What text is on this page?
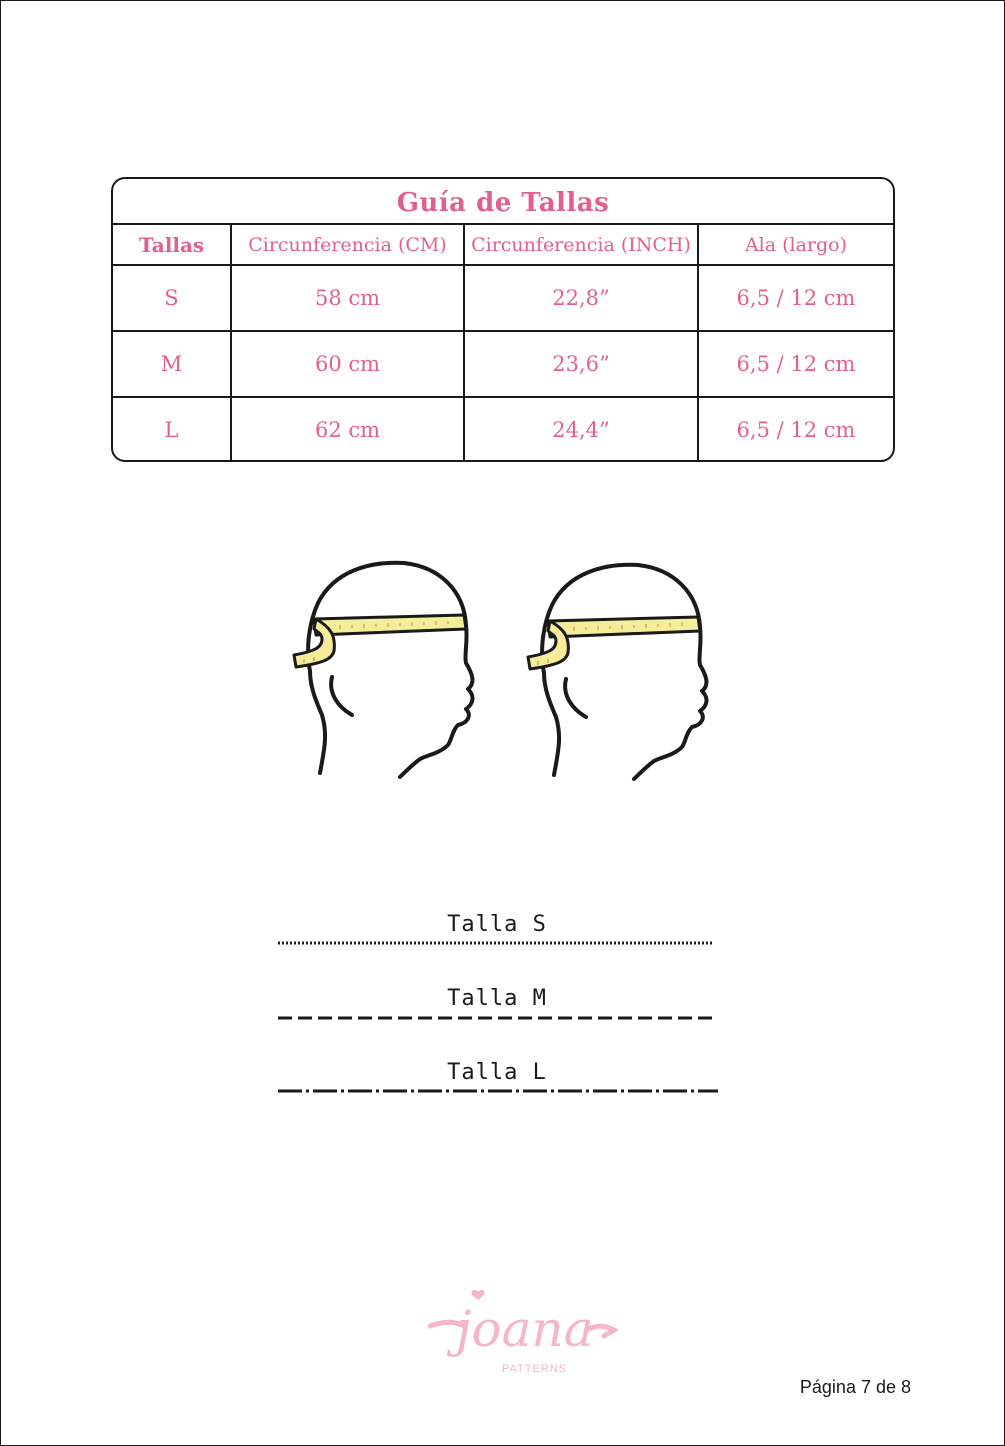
Guía de Tallas
Tallas	Circunferencia (CM)	Circunferencia (INCH)	Ala (largo)
S	58 cm	22,8”	6,5 / 12 cm
M	60 cm	23,6”	6,5 / 12 cm
L	62 cm	24,4”	6,5 / 12 cm
Talla S
Talla M
Talla L
joana
PATTERNS
Página 7 de 8
